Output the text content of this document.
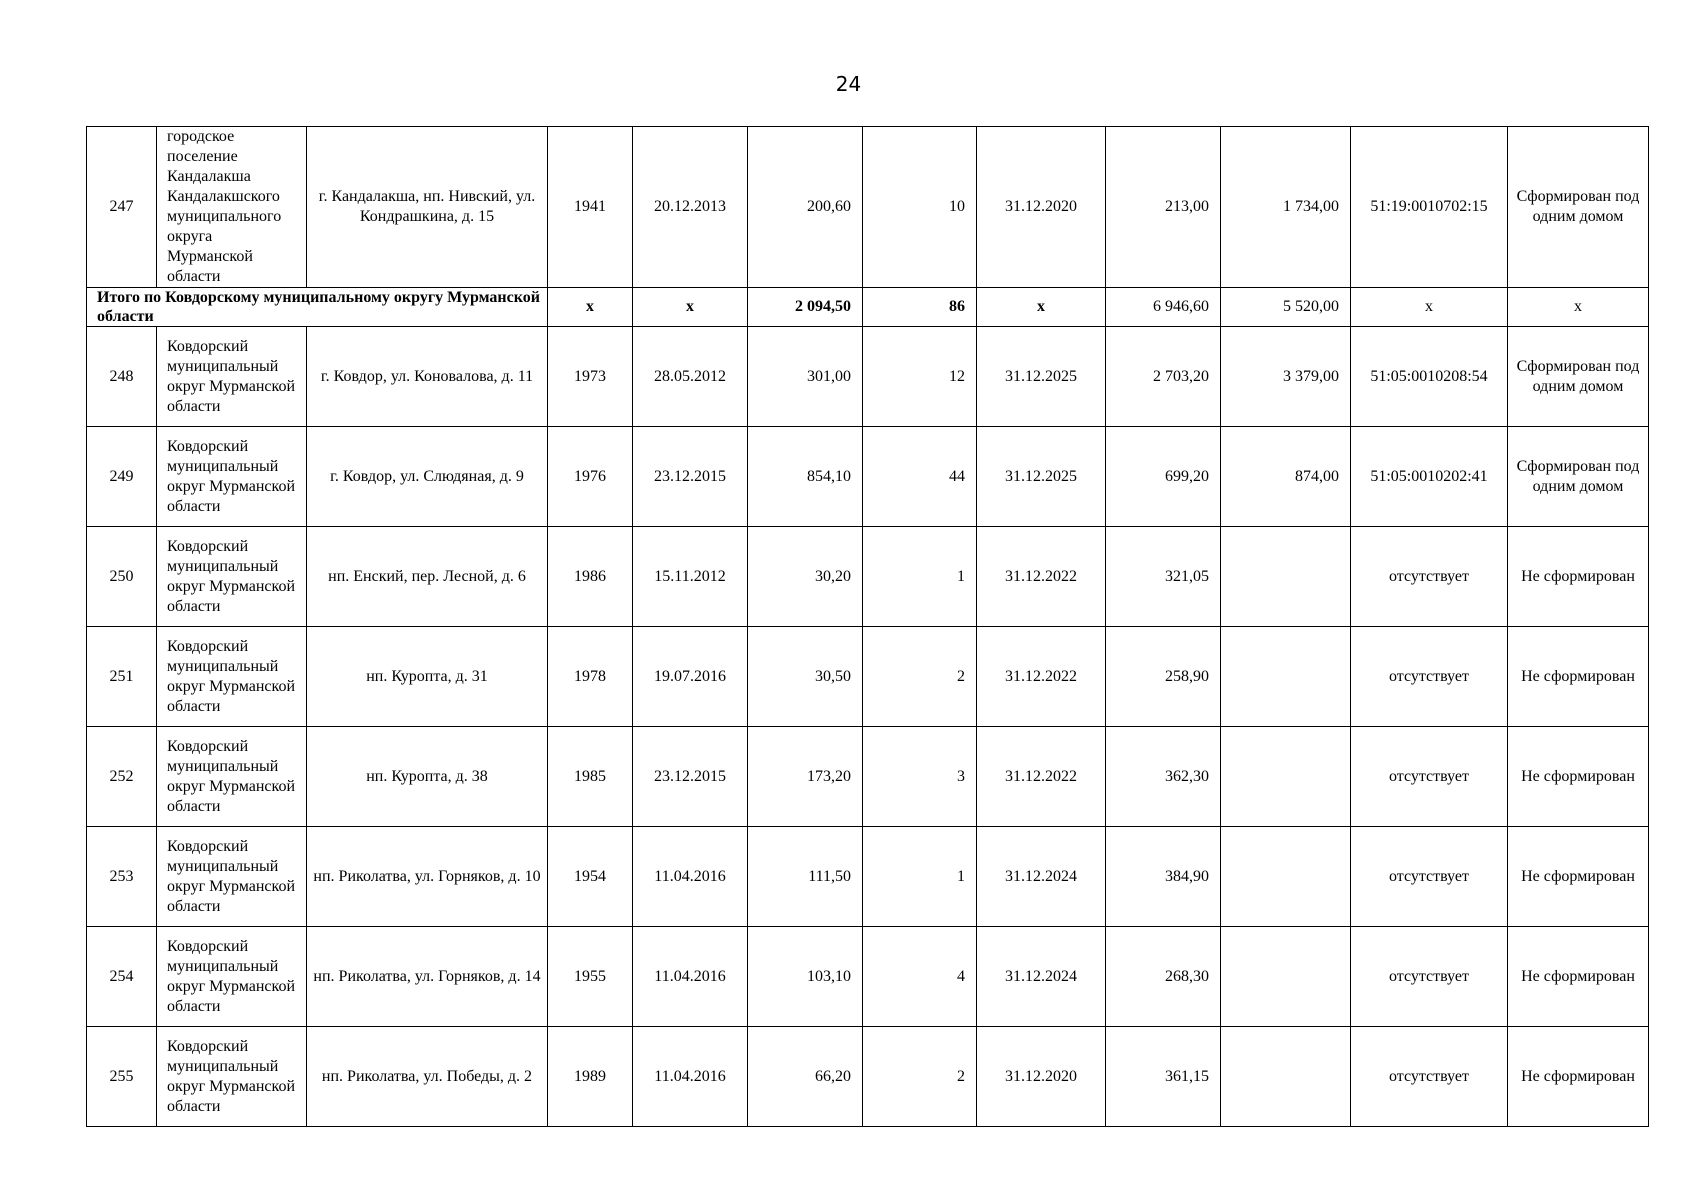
24
247	городское поселение Кандалакша Кандалакшского муниципального округа Мурманской области	г. Кандалакша, нп. Нивский, ул. Кондрашкина, д. 15	1941	20.12.2013	200,60	10	31.12.2020	213,00	1 734,00	51:19:0010702:15	Сформирован под одним домом
Итого по Ковдорскому муниципальному округу Мурманской области			x	x	2 094,50	86	x	6 946,60	5 520,00	x	x
248	Ковдорский муниципальный округ Мурманской области	г. Ковдор, ул. Коновалова, д. 11	1973	28.05.2012	301,00	12	31.12.2025	2 703,20	3 379,00	51:05:0010208:54	Сформирован под одним домом
249	Ковдорский муниципальный округ Мурманской области	г. Ковдор, ул. Слюдяная, д. 9	1976	23.12.2015	854,10	44	31.12.2025	699,20	874,00	51:05:0010202:41	Сформирован под одним домом
250	Ковдорский муниципальный округ Мурманской области	нп. Енский, пер. Лесной, д. 6	1986	15.11.2012	30,20	1	31.12.2022	321,05		отсутствует	Не сформирован
251	Ковдорский муниципальный округ Мурманской области	нп. Куропта, д. 31	1978	19.07.2016	30,50	2	31.12.2022	258,90		отсутствует	Не сформирован
252	Ковдорский муниципальный округ Мурманской области	нп. Куропта, д. 38	1985	23.12.2015	173,20	3	31.12.2022	362,30		отсутствует	Не сформирован
253	Ковдорский муниципальный округ Мурманской области	нп. Риколатва, ул. Горняков, д. 10	1954	11.04.2016	111,50	1	31.12.2024	384,90		отсутствует	Не сформирован
254	Ковдорский муниципальный округ Мурманской области	нп. Риколатва, ул. Горняков, д. 14	1955	11.04.2016	103,10	4	31.12.2024	268,30		отсутствует	Не сформирован
255	Ковдорский муниципальный округ Мурманской области	нп. Риколатва, ул. Победы, д. 2	1989	11.04.2016	66,20	2	31.12.2020	361,15		отсутствует	Не сформирован
